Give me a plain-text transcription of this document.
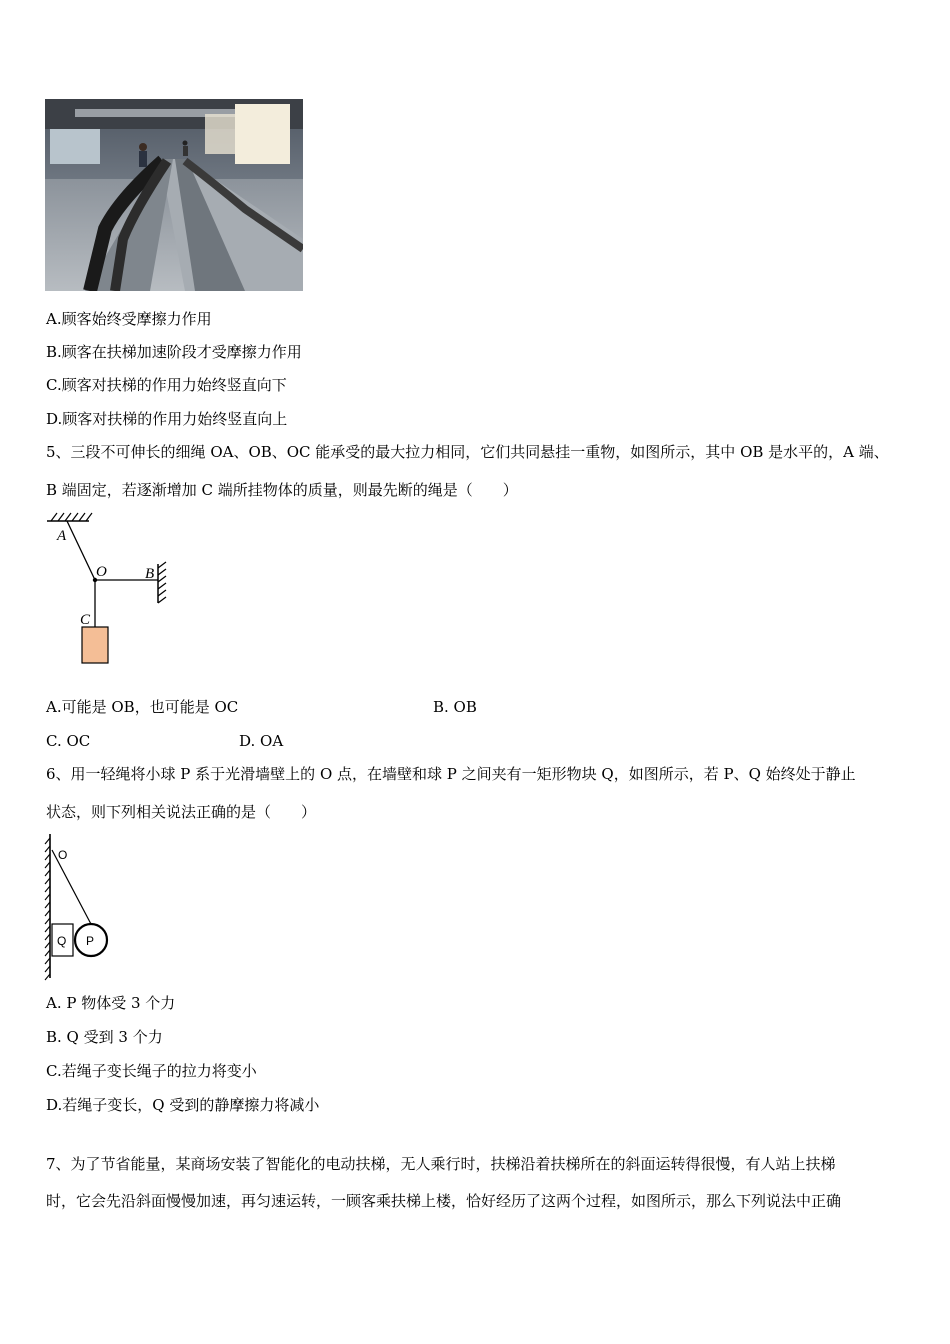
A.顾客始终受摩擦力作用
B.顾客在扶梯加速阶段才受摩擦力作用
C.顾客对扶梯的作用力始终竖直向下
D.顾客对扶梯的作用力始终竖直向上
5、三段不可伸长的细绳 OA、OB、OC 能承受的最大拉力相同，它们共同悬挂一重物，如图所示，其中 OB 是水平的，A 端、
B 端固定，若逐渐增加 C 端所挂物体的质量，则最先断的绳是（　　）
A
O	B
C
A.可能是 OB，也可能是 OC	B. OB
C. OC	D. OA
6、用一轻绳将小球 P 系于光滑墙壁上的 O 点，在墙壁和球 P 之间夹有一矩形物块 Q，如图所示，若 P、Q 始终处于静止
状态，则下列相关说法正确的是（　　）
O
Q P
A. P 物体受 3 个力
B. Q 受到 3 个力
C.若绳子变长绳子的拉力将变小
D.若绳子变长，Q 受到的静摩擦力将减小
7、为了节省能量，某商场安装了智能化的电动扶梯，无人乘行时，扶梯沿着扶梯所在的斜面运转得很慢，有人站上扶梯
时，它会先沿斜面慢慢加速，再匀速运转，一顾客乘扶梯上楼，恰好经历了这两个过程，如图所示，那么下列说法中正确
